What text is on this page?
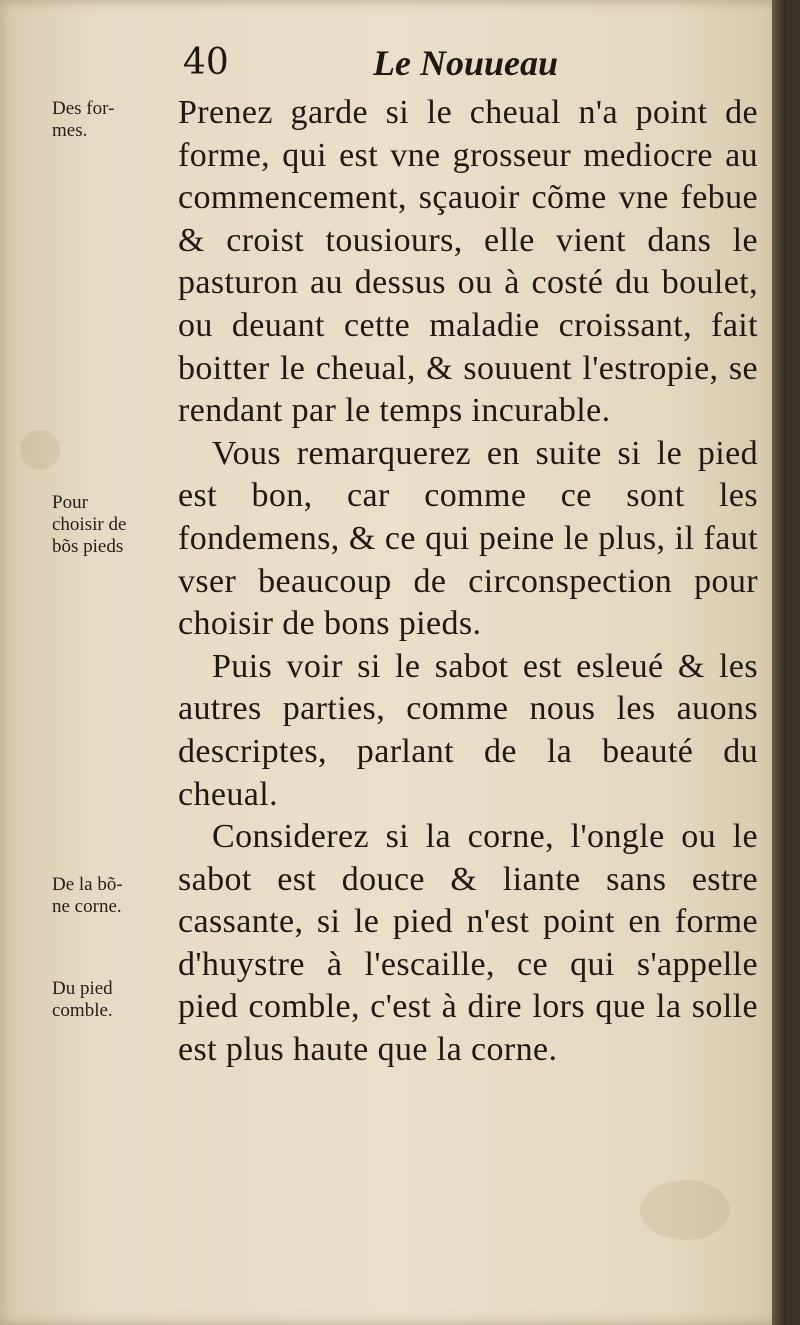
40	Le Nouueau
Des for-
mes.
Pour
choisir de
bõs pieds
De la bõ-
ne corne.
Du pied
comble.

Prenez garde si le cheual n'a point de forme, qui est vne grosseur mediocre au commencement, sçauoir cõme vne febue & croist tousiours, elle vient dans le pasturon au dessus ou à costé du boulet, ou deuant cette maladie croissant, fait boitter le cheual, & souuent l'estropie, se rendant par le temps incurable.

Vous remarquerez en suite si le pied est bon, car comme ce sont les fondemens, & ce qui peine le plus, il faut vser beaucoup de circonspection pour choisir de bons pieds.

Puis voir si le sabot est esleué & les autres parties, comme nous les auons descriptes, parlant de la beauté du cheual.

Considerez si la corne, l'ongle ou le sabot est douce & liante sans estre cassante, si le pied n'est point en forme d'huystre à l'escaille, ce qui s'appelle pied comble, c'est à dire lors que la solle est plus haute que la corne.
